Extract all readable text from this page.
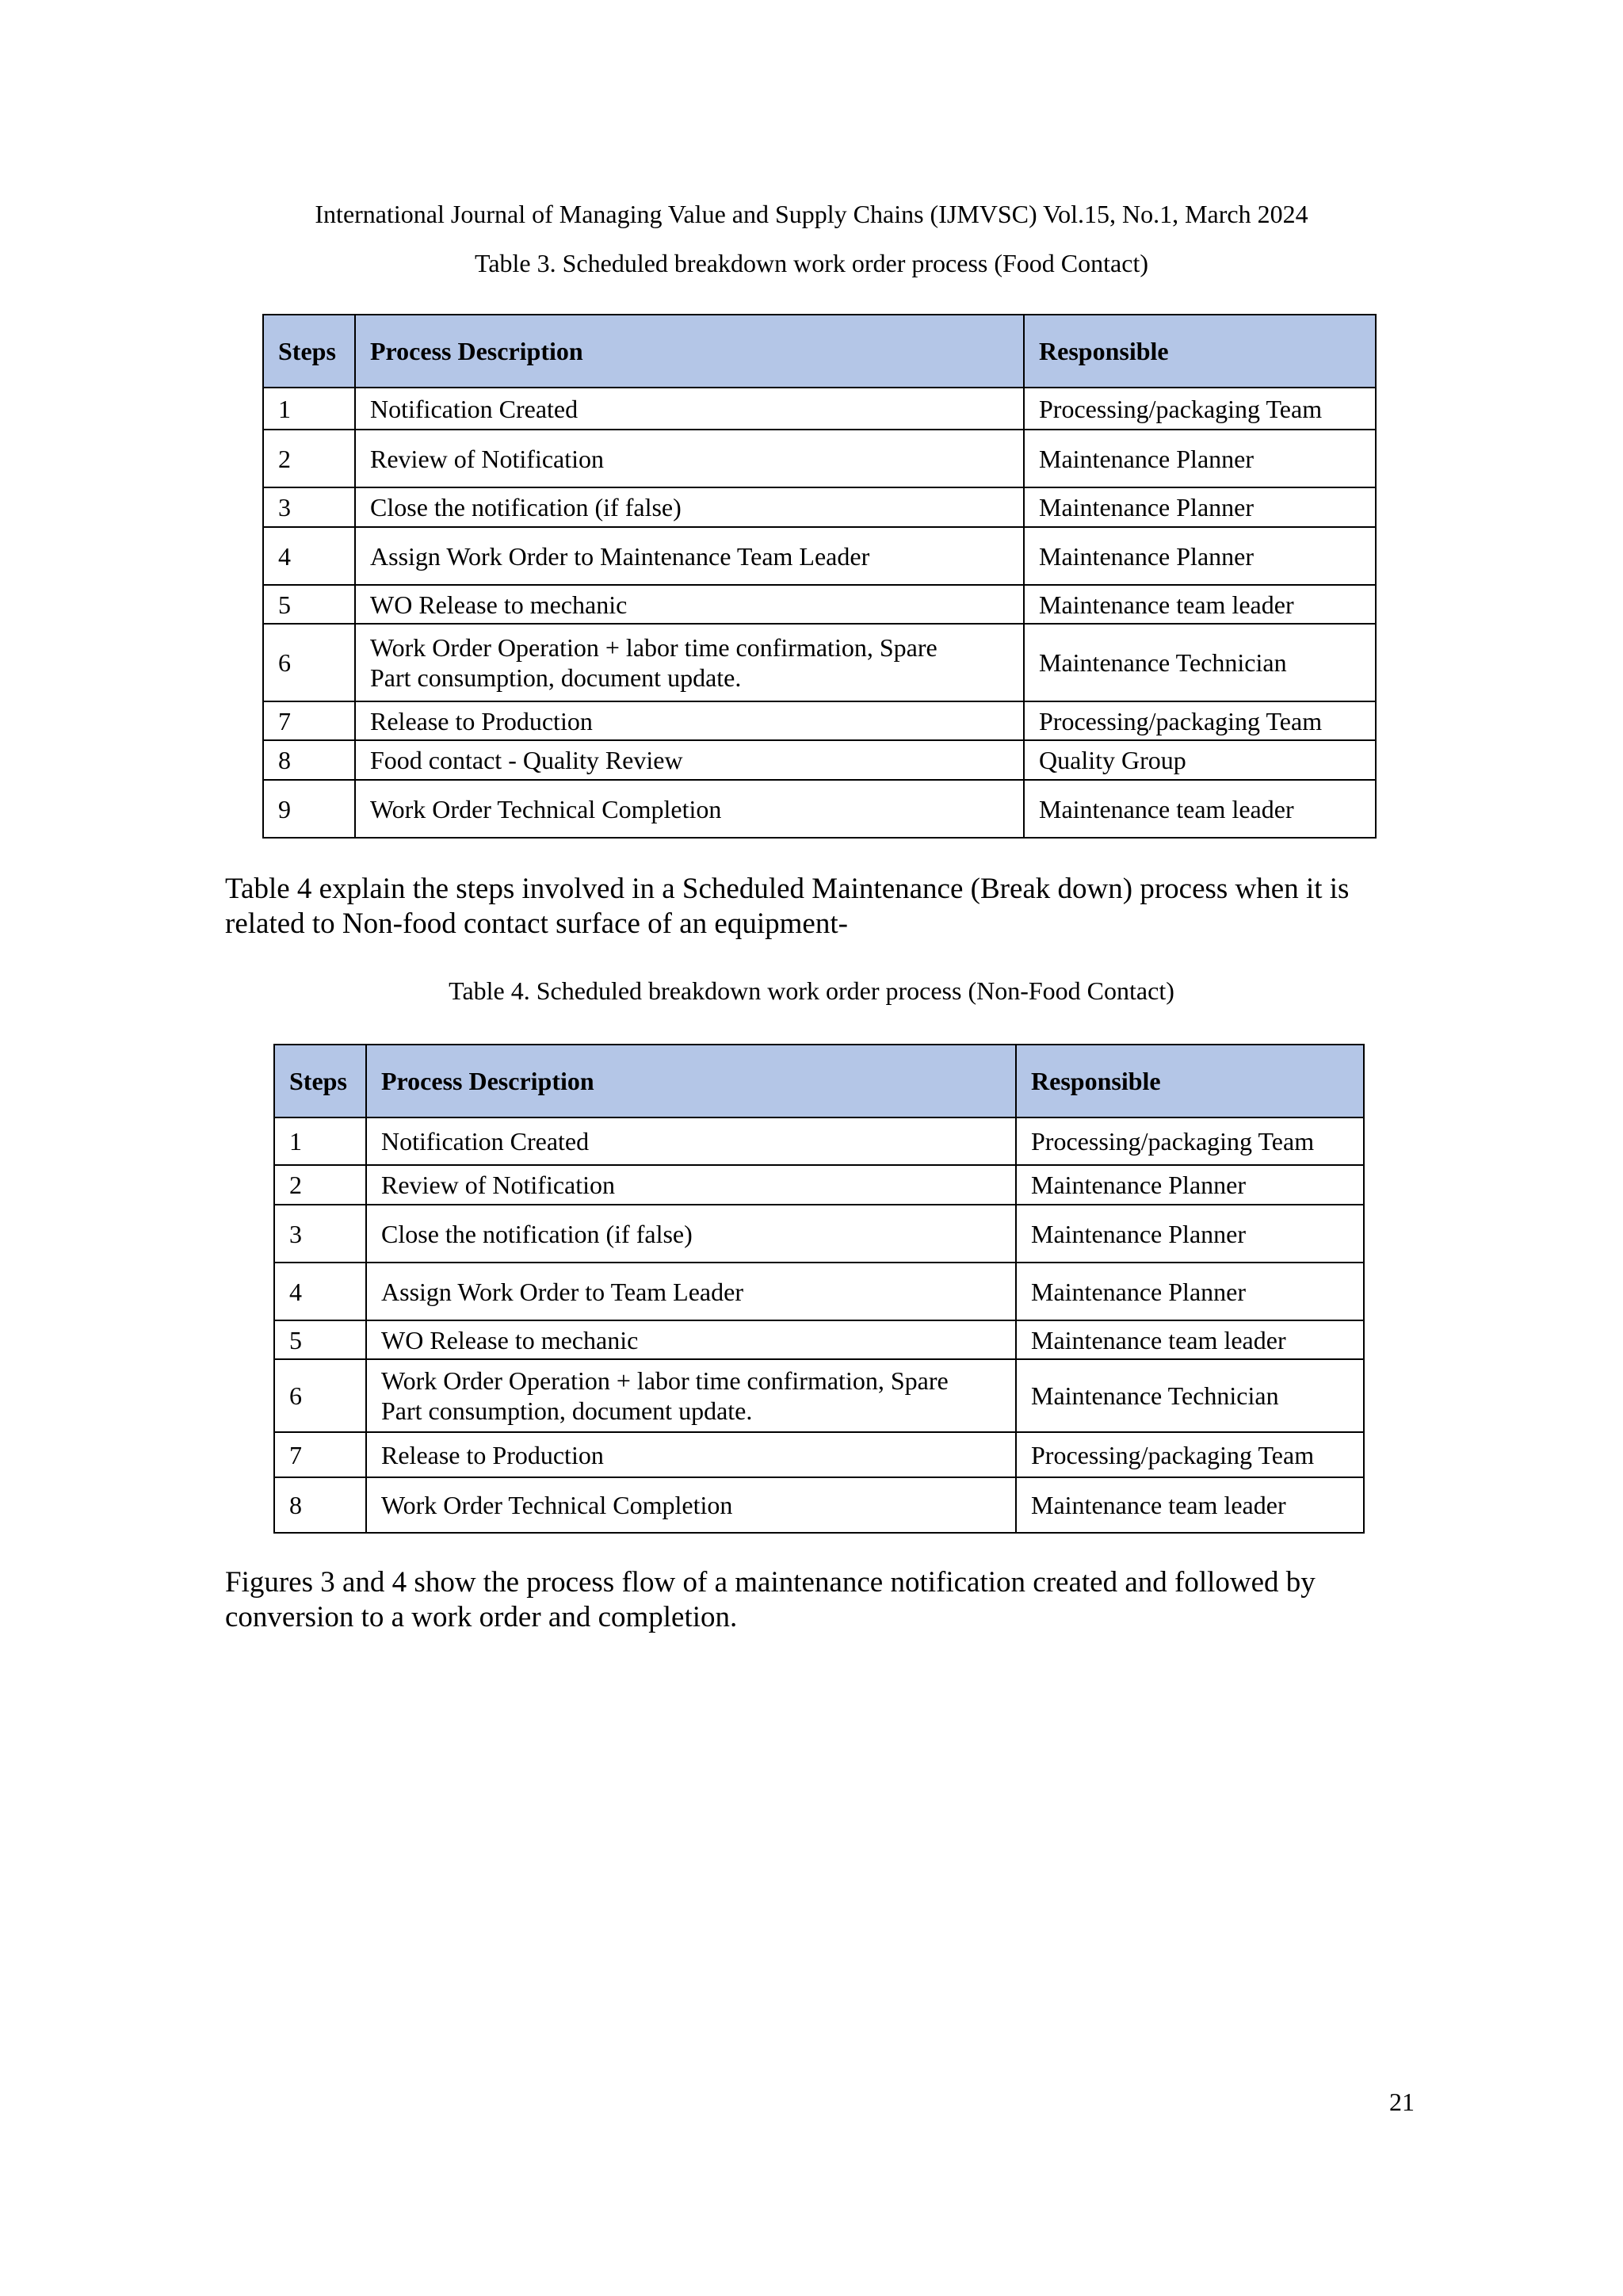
International Journal of Managing Value and Supply Chains (IJMVSC) Vol.15, No.1, March 2024
Table 3. Scheduled breakdown work order process (Food Contact)
Steps	Process Description	Responsible
1	Notification Created	Processing/packaging Team
2	Review of Notification	Maintenance Planner
3	Close the notification (if false)	Maintenance Planner
4	Assign Work Order to Maintenance Team Leader	Maintenance Planner
5	WO Release to mechanic	Maintenance team leader
6	Work Order Operation + labor time confirmation, Spare
Part consumption, document update.	Maintenance Technician
7	Release to Production	Processing/packaging Team
8	Food contact - Quality Review	Quality Group
9	Work Order Technical Completion	Maintenance team leader

Table 4 explain the steps involved in a Scheduled Maintenance (Break down) process when it is related to Non-food contact surface of an equipment-

Table 4. Scheduled breakdown work order process (Non-Food Contact)
Steps	Process Description	Responsible
1	Notification Created	Processing/packaging Team
2	Review of Notification	Maintenance Planner
3	Close the notification (if false)	Maintenance Planner
4	Assign Work Order to Team Leader	Maintenance Planner
5	WO Release to mechanic	Maintenance team leader
6	Work Order Operation + labor time confirmation, Spare
Part consumption, document update.	Maintenance Technician
7	Release to Production	Processing/packaging Team
8	Work Order Technical Completion	Maintenance team leader

Figures 3 and 4 show the process flow of a maintenance notification created and followed by conversion to a work order and completion.

21
